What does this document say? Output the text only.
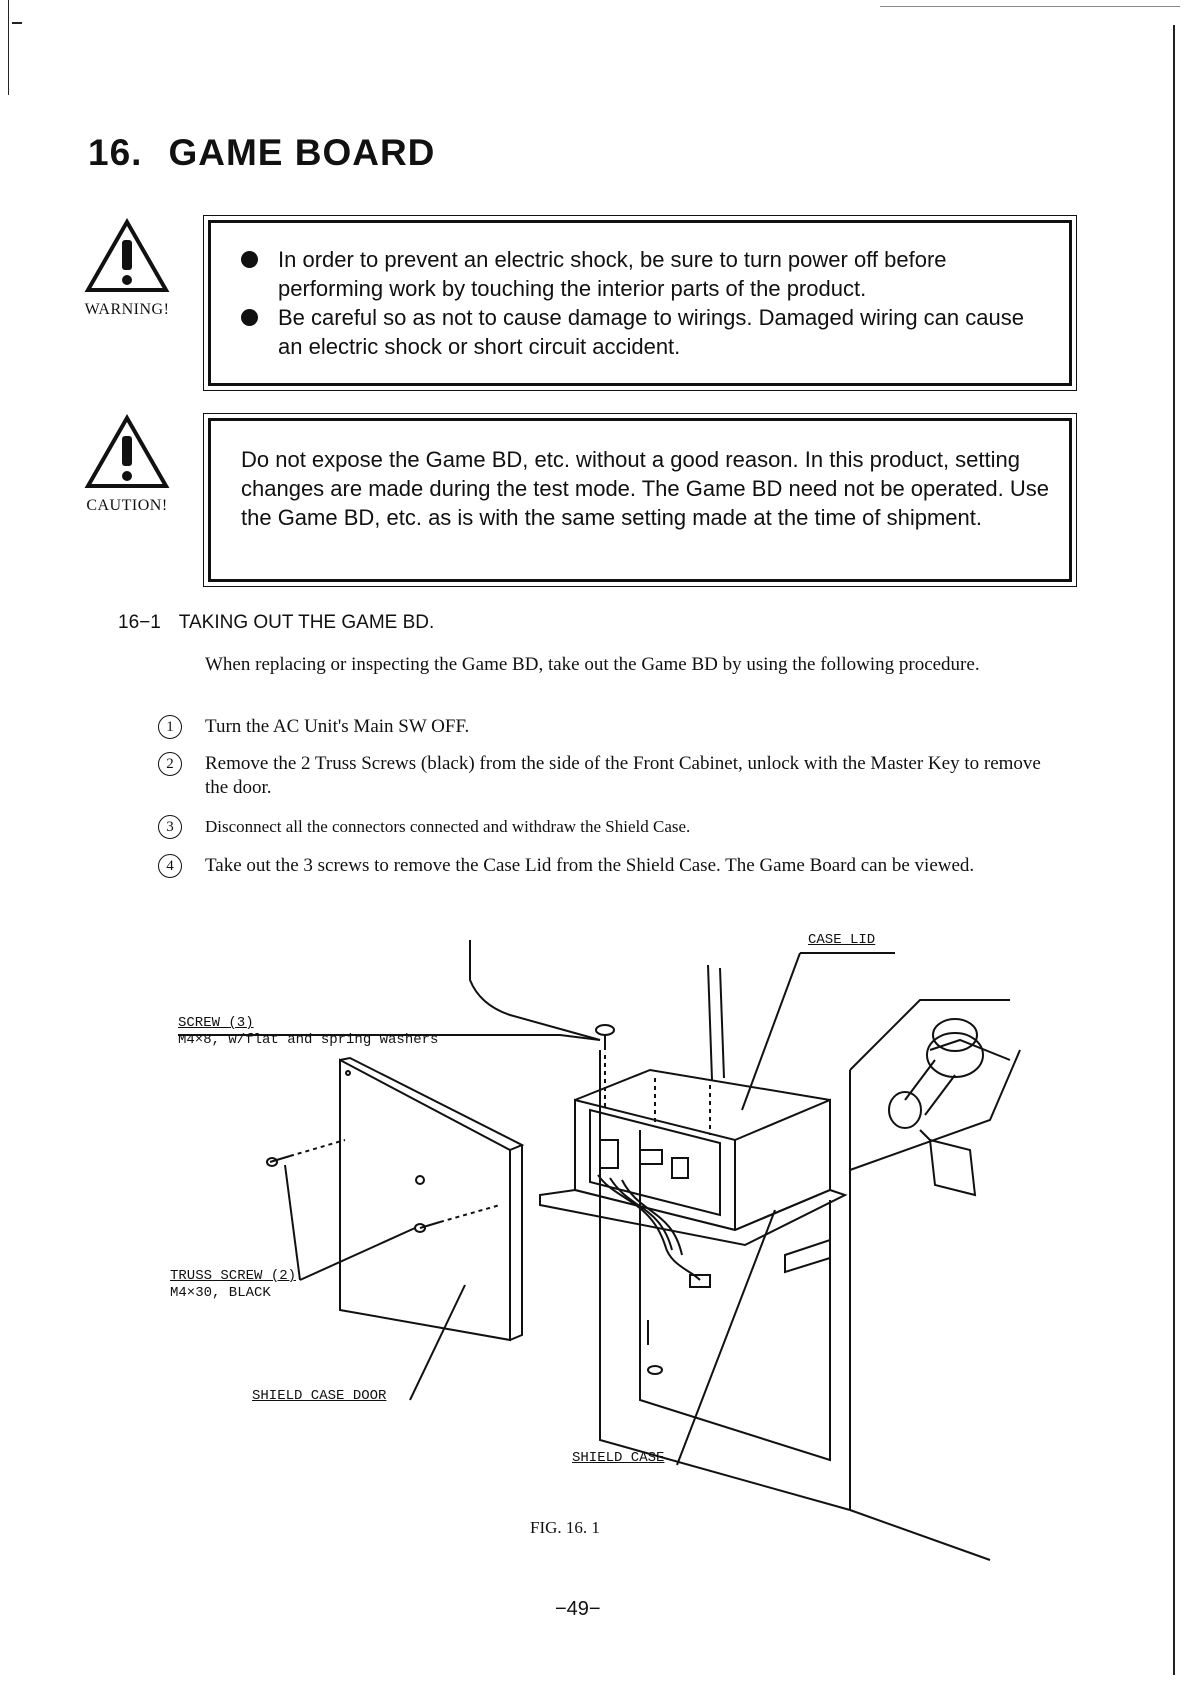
16. GAME BOARD
WARNING!
In order to prevent an electric shock, be sure to turn power off before performing work by touching the interior parts of the product.
Be careful so as not to cause damage to wirings. Damaged wiring can cause an electric shock or short circuit accident.
CAUTION!
Do not expose the Game BD, etc. without a good reason. In this product, setting changes are made during the test mode. The Game BD need not be operated. Use the Game BD, etc. as is with the same setting made at the time of shipment.
16−1 TAKING OUT THE GAME BD.
When replacing or inspecting the Game BD, take out the Game BD by using the following procedure.
1 Turn the AC Unit's Main SW OFF.
2 Remove the 2 Truss Screws (black) from the side of the Front Cabinet, unlock with the Master Key to remove the door.
3 Disconnect all the connectors connected and withdraw the Shield Case.
4 Take out the 3 screws to remove the Case Lid from the Shield Case. The Game Board can be viewed.
CASE LID
SCREW (3)
M4×8, w/flat and spring washers
TRUSS SCREW (2)
M4×30, BLACK
SHIELD CASE DOOR
SHIELD CASE
FIG. 16. 1
−49−
